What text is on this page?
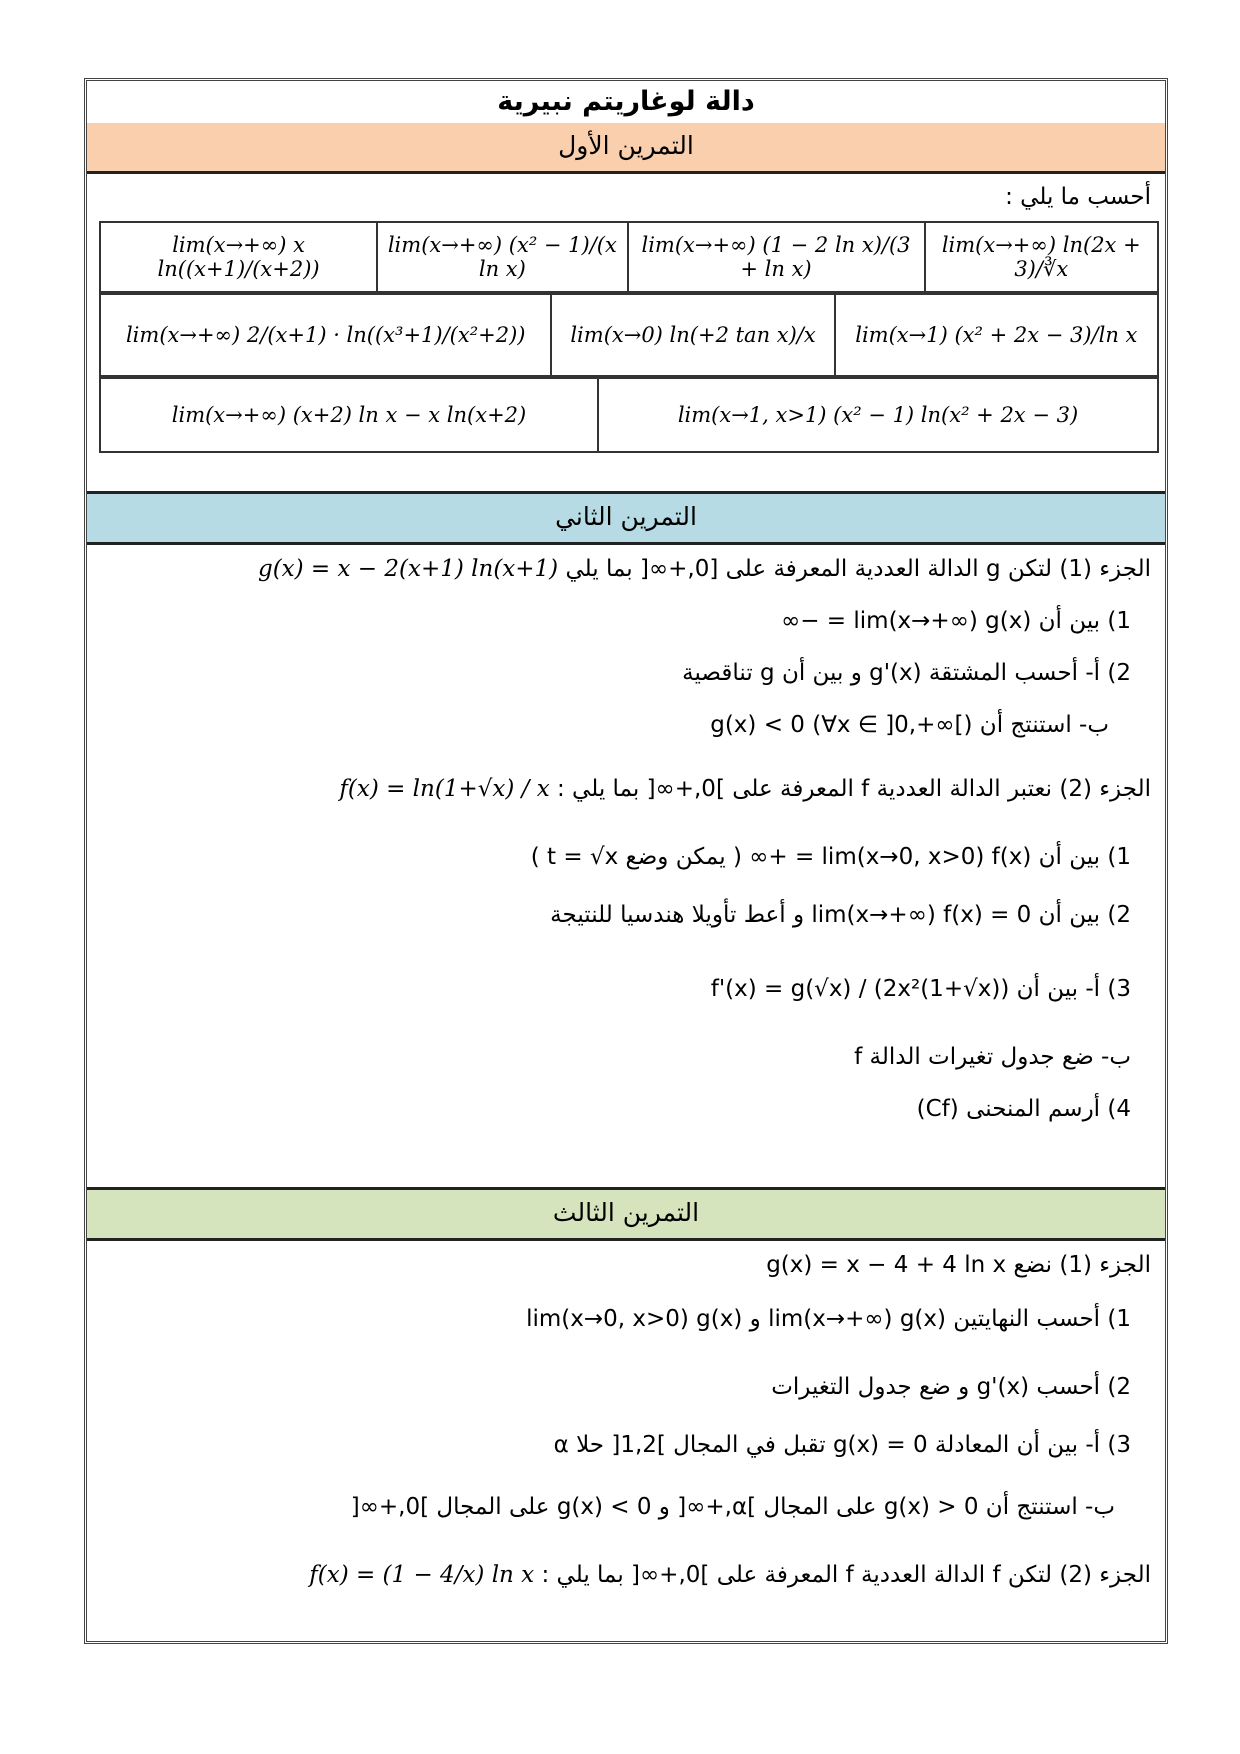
دالة لوغاريتم نبيرية
التمرين الأول
أحسب ما يلي :
lim(x→+∞) x ln((x+1)/(x+2))	lim(x→+∞) (x² − 1)/(x ln x)	lim(x→+∞) (1 − 2 ln x)/(3 + ln x)	lim(x→+∞) ln(2x + 3)/∛x
lim(x→+∞) 2/(x+1) · ln((x³+1)/(x²+2))	lim(x→0) ln(+2 tan x)/x	lim(x→1) (x² + 2x − 3)/ln x
lim(x→+∞) (x+2) ln x − x ln(x+2)	lim(x→1, x>1) (x² − 1) ln(x² + 2x − 3)
التمرين الثاني
الجزء (1) لتكن g الدالة العددية المعرفة على [0,+∞[ بما يلي g(x) = x − 2(x+1) ln(x+1)
1) بين أن lim(x→+∞) g(x) = −∞
2) أ- أحسب المشتقة g'(x) و بين أن g تناقصية
ب- استنتج أن g(x) < 0 (∀x ∈ ]0,+∞[)
الجزء (2) نعتبر الدالة العددية f المعرفة على ]0,+∞[ بما يلي : f(x) = ln(1+√x) / x
1) بين أن lim(x→0, x>0) f(x) = +∞ ( يمكن وضع t = √x )
2) بين أن lim(x→+∞) f(x) = 0 و أعط تأويلا هندسيا للنتيجة
3) أ- بين أن f'(x) = g(√x) / (2x²(1+√x))
ب- ضع جدول تغيرات الدالة f
4) أرسم المنحنى (Cf)
التمرين الثالث
الجزء (1) نضع g(x) = x − 4 + 4 ln x
1) أحسب النهايتين lim(x→+∞) g(x) و lim(x→0, x>0) g(x)
2) أحسب g'(x) و ضع جدول التغيرات
3) أ- بين أن المعادلة g(x) = 0 تقبل في المجال ]1,2[ حلا α
ب- استنتج أن g(x) > 0 على المجال ]α,+∞[ و g(x) < 0 على المجال ]0,+∞[
الجزء (2) لتكن f الدالة العددية f المعرفة على ]0,+∞[ بما يلي : f(x) = (1 − 4/x) ln x
